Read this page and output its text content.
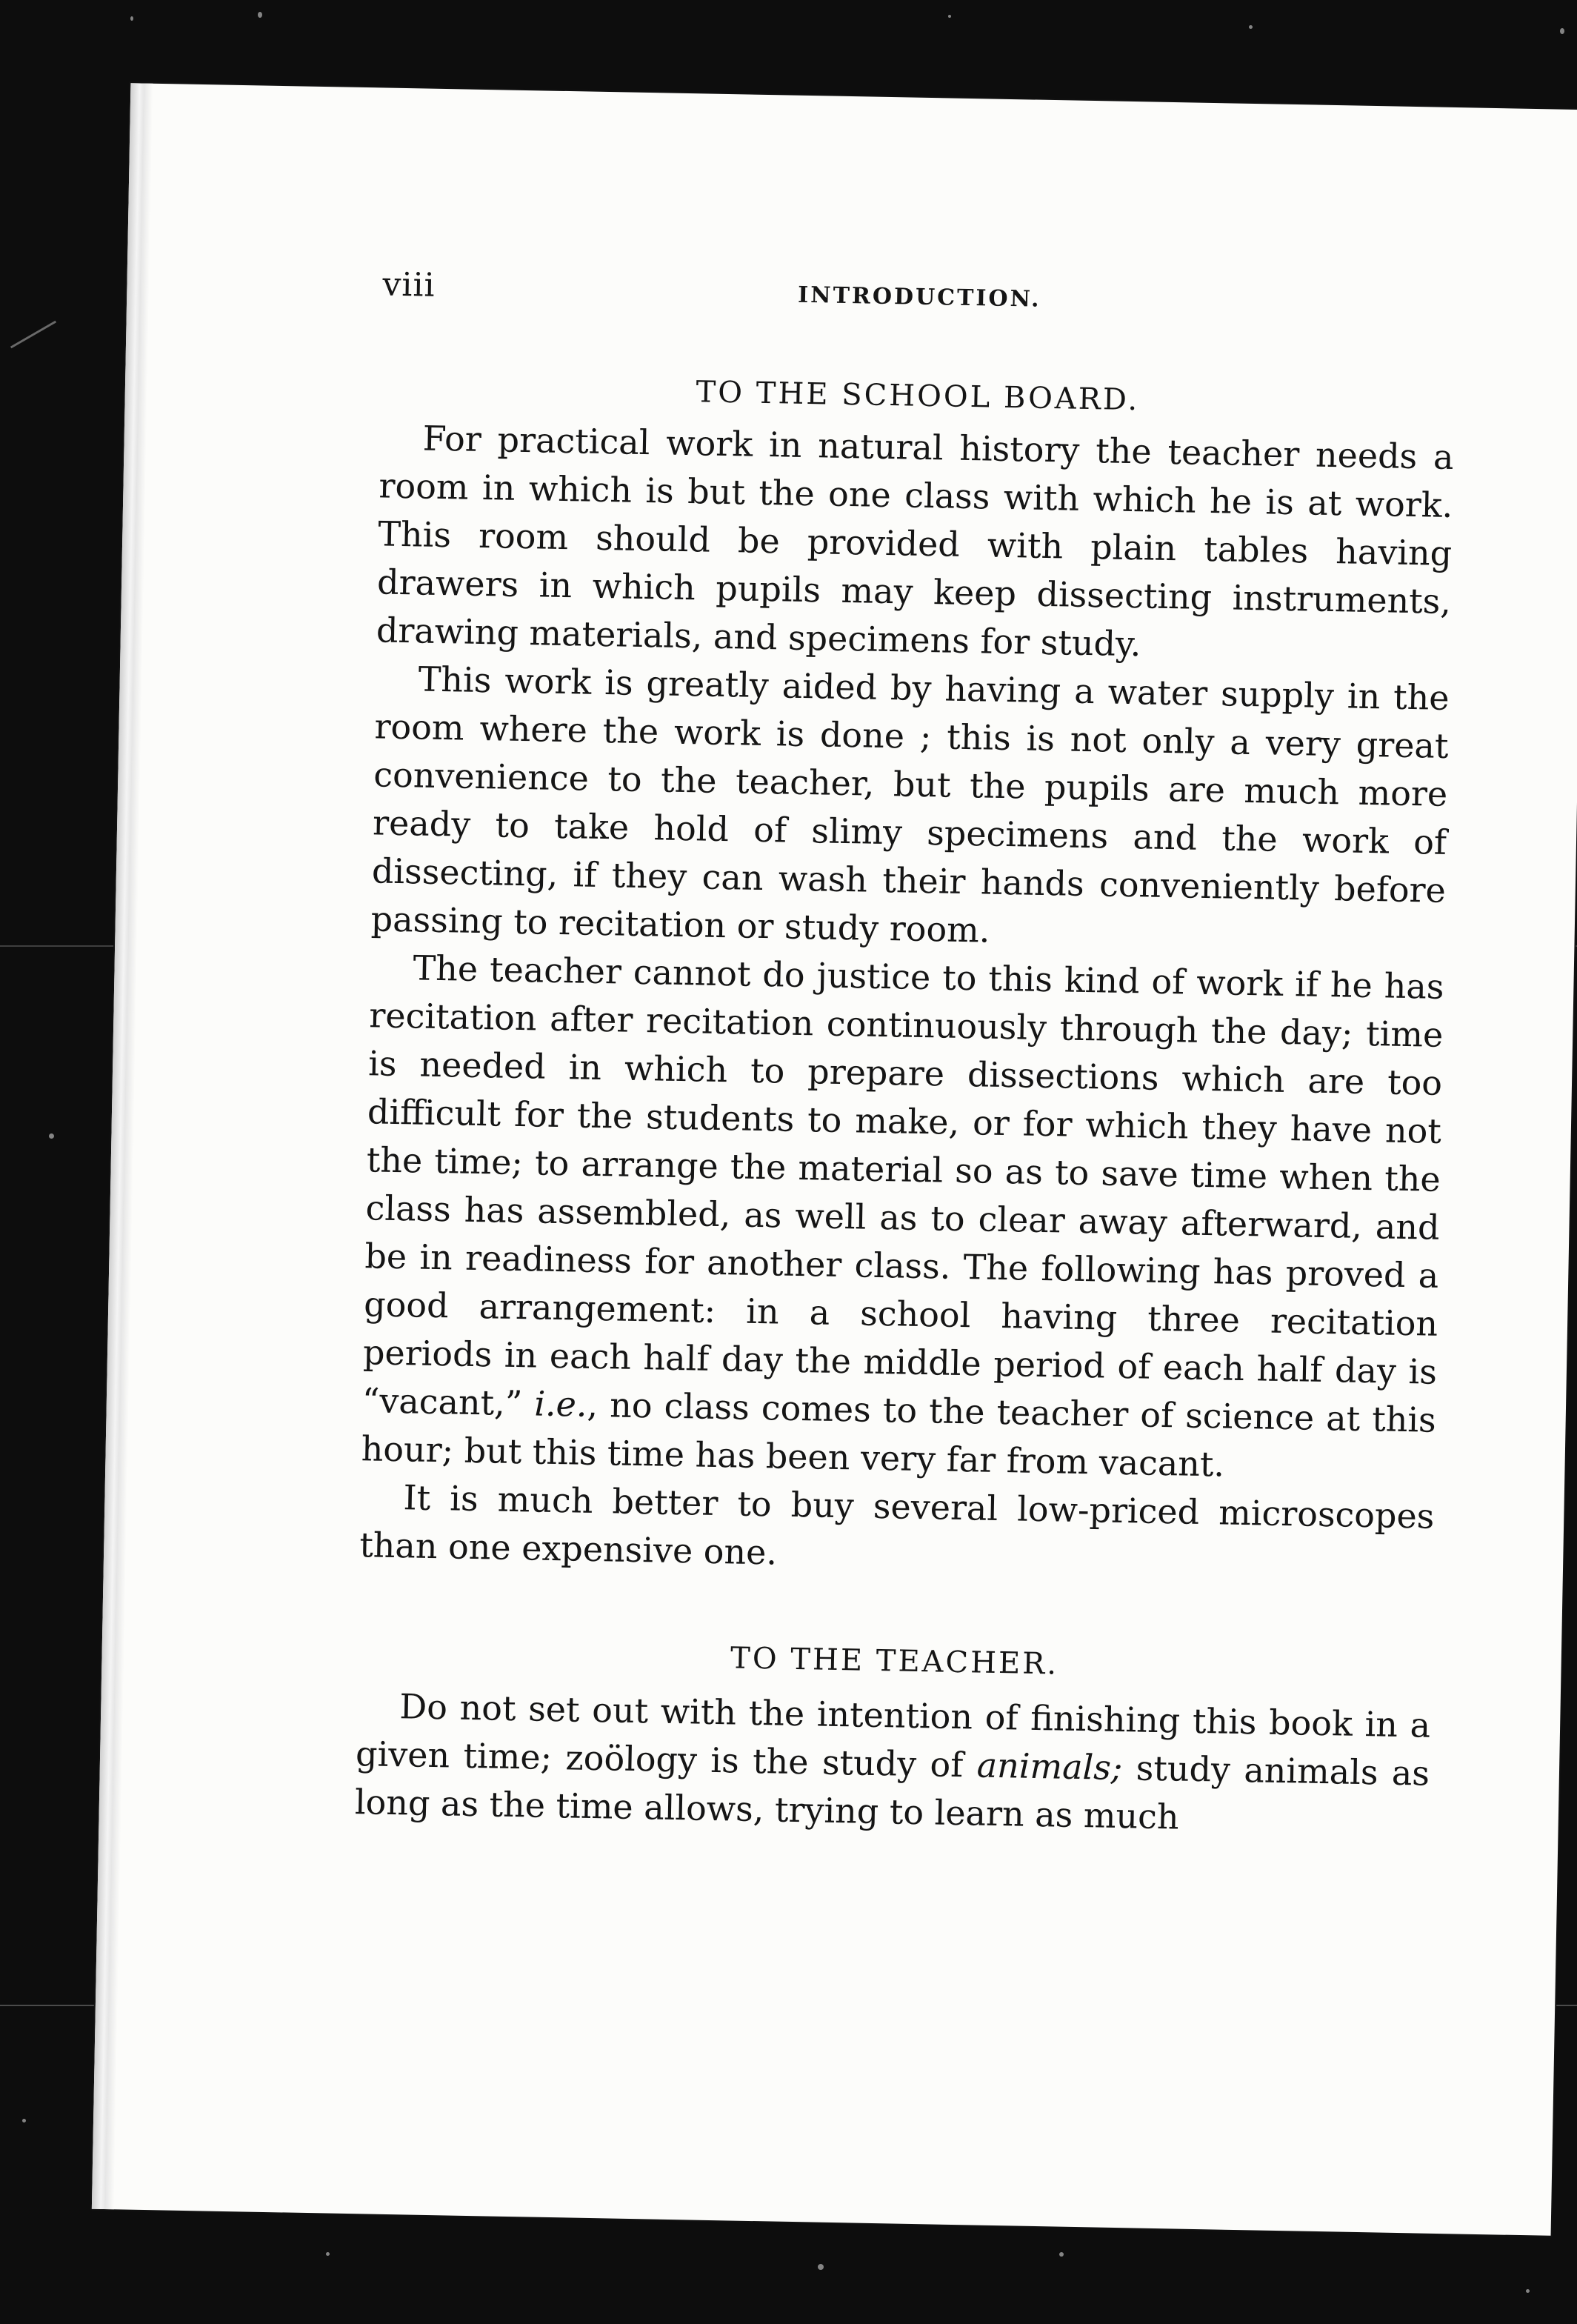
viii	INTRODUCTION.
TO THE SCHOOL BOARD.

For practical work in natural history the teacher needs a room in which is but the one class with which he is at work. This room should be provided with plain tables having drawers in which pupils may keep dissecting instruments, drawing materials, and specimens for study.

This work is greatly aided by having a water supply in the room where the work is done ; this is not only a very great convenience to the teacher, but the pupils are much more ready to take hold of slimy specimens and the work of dissecting, if they can wash their hands conveniently before passing to recitation or study room.

The teacher cannot do justice to this kind of work if he has recitation after recitation continuously through the day; time is needed in which to prepare dissections which are too difficult for the students to make, or for which they have not the time; to arrange the material so as to save time when the class has assembled, as well as to clear away afterward, and be in readiness for another class. The following has proved a good arrangement: in a school having three recitation periods in each half day the middle period of each half day is “vacant,” i.e., no class comes to the teacher of science at this hour; but this time has been very far from vacant.

It is much better to buy several low-priced microscopes than one expensive one.

TO THE TEACHER.

Do not set out with the intention of finishing this book in a given time; zoölogy is the study of animals; study animals as long as the time allows, trying to learn as much
